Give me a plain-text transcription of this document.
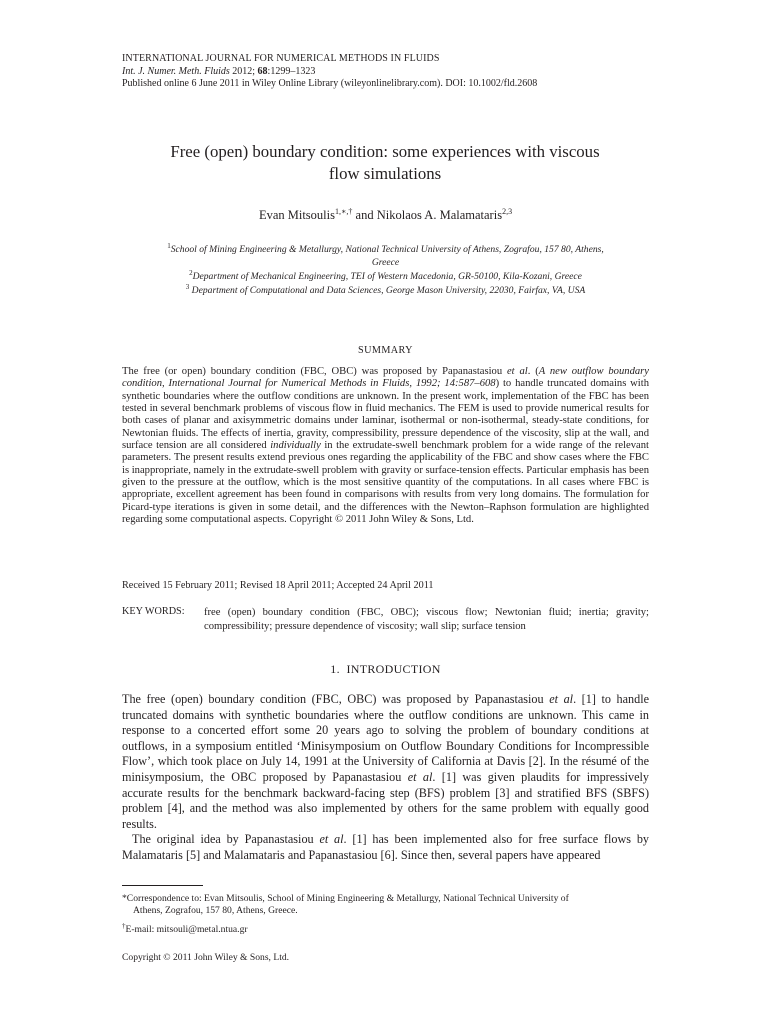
INTERNATIONAL JOURNAL FOR NUMERICAL METHODS IN FLUIDS
Int. J. Numer. Meth. Fluids 2012; 68:1299–1323
Published online 6 June 2011 in Wiley Online Library (wileyonlinelibrary.com). DOI: 10.1002/fld.2608
Free (open) boundary condition: some experiences with viscous
flow simulations
Evan Mitsoulis$^{1,∗,\dagger}$ and Nikolaos A. Malamataris$^{2,3}$
$^1$School of Mining Engineering & Metallurgy, National Technical University of Athens, Zografou, 157 80, Athens,
Greece
$^2$Department of Mechanical Engineering, TEI of Western Macedonia, GR-50100, Kila-Kozani, Greece
$^3$ Department of Computational and Data Sciences, George Mason University, 22030, Fairfax, VA, USA
SUMMARY
The free (or open) boundary condition (FBC, OBC) was proposed by Papanastasiou et al. (A new outflow boundary condition, International Journal for Numerical Methods in Fluids, 1992; 14:587–608) to handle truncated domains with synthetic boundaries where the outflow conditions are unknown. In the present work, implementation of the FBC has been tested in several benchmark problems of viscous flow in fluid mechanics. The FEM is used to provide numerical results for both cases of planar and axisymmetric domains under laminar, isothermal or non-isothermal, steady-state conditions, for Newtonian fluids. The effects of inertia, gravity, compressibility, pressure dependence of the viscosity, slip at the wall, and surface tension are all considered individually in the extrudate-swell benchmark problem for a wide range of the relevant parameters. The present results extend previous ones regarding the applicability of the FBC and show cases where the FBC is inappropriate, namely in the extrudate-swell problem with gravity or surface-tension effects. Particular emphasis has been given to the pressure at the outflow, which is the most sensitive quantity of the computations. In all cases where FBC is appropriate, excellent agreement has been found in comparisons with results from very long domains. The formulation for Picard-type iterations is given in some detail, and the differences with the Newton–Raphson formulation are highlighted regarding some computational aspects. Copyright © 2011 John Wiley & Sons, Ltd.
Received 15 February 2011; Revised 18 April 2011; Accepted 24 April 2011
KEY WORDS: free (open) boundary condition (FBC, OBC); viscous flow; Newtonian fluid; inertia; gravity; compressibility; pressure dependence of viscosity; wall slip; surface tension
1.  INTRODUCTION

The free (open) boundary condition (FBC, OBC) was proposed by Papanastasiou et al. [1] to handle truncated domains with synthetic boundaries where the outflow conditions are unknown. This came in response to a concerted effort some 20 years ago to solving the problem of boundary conditions at outflows, in a symposium entitled ‘Minisymposium on Outflow Boundary Conditions for Incompressible Flow’, which took place on July 14, 1991 at the University of California at Davis [2]. In the résumé of the minisymposium, the OBC proposed by Papanastasiou et al. [1] was given plaudits for impressively accurate results for the benchmark backward-facing step (BFS) problem [3] and stratified BFS (SBFS) problem [4], and the method was also implemented by others for the same problem with equally good results.

The original idea by Papanastasiou et al. [1] has been implemented also for free surface flows by Malamataris [5] and Malamataris and Papanastasiou [6]. Since then, several papers have appeared

*Correspondence to: Evan Mitsoulis, School of Mining Engineering & Metallurgy, National Technical University of
Athens, Zografou, 157 80, Athens, Greece.
†E-mail: mitsouli@metal.ntua.gr
Copyright © 2011 John Wiley & Sons, Ltd.
